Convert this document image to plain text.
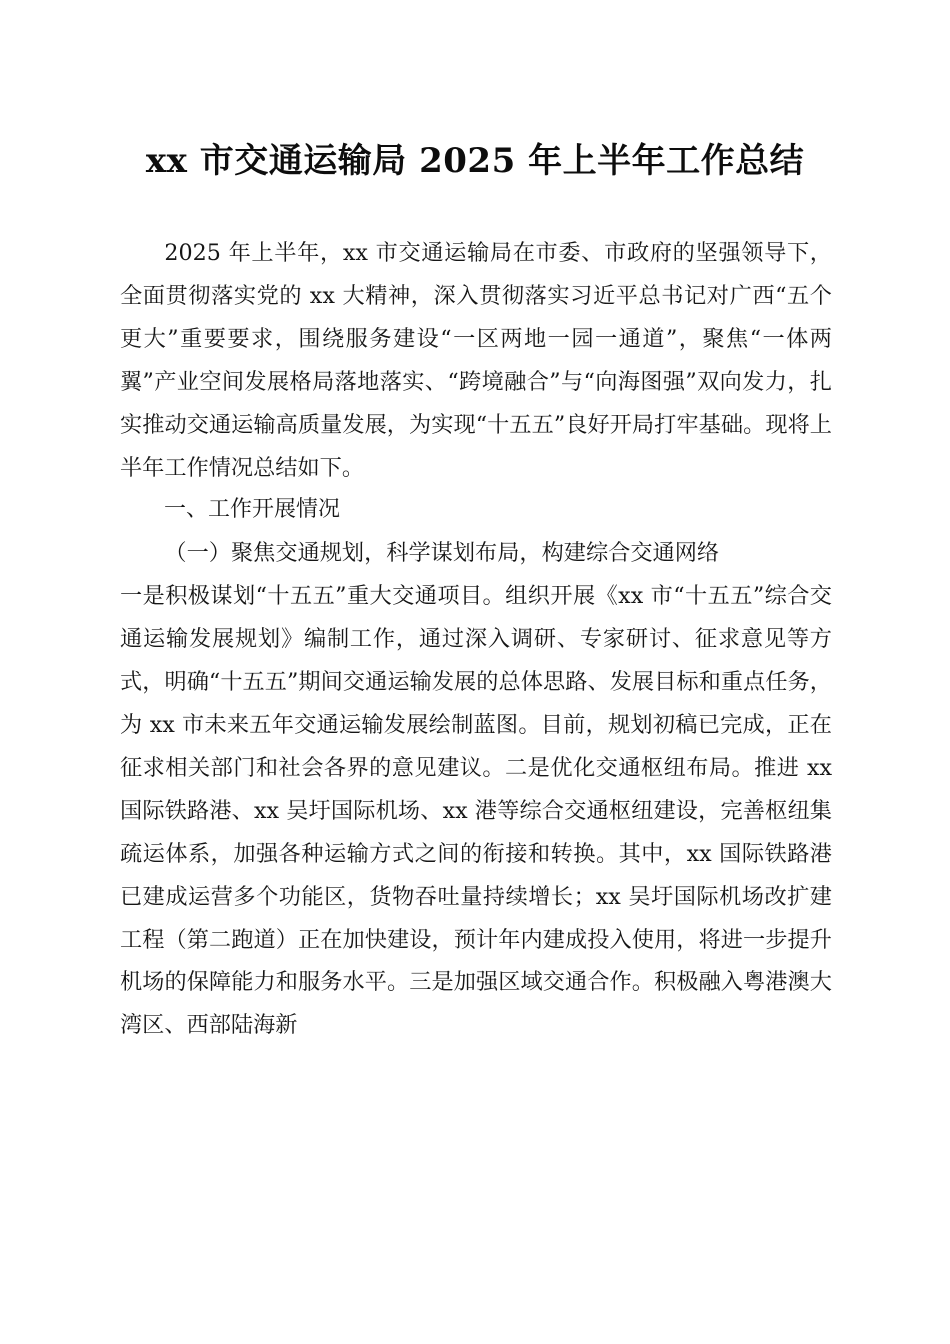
xx 市交通运输局 2025 年上半年工作总结

2025 年上半年，xx 市交通运输局在市委、市政府的坚强领导下，全面贯彻落实党的 xx 大精神，深入贯彻落实习近平总书记对广西“五个更大”重要要求，围绕服务建设“一区两地一园一通道”，聚焦“一体两翼”产业空间发展格局落地落实、“跨境融合”与“向海图强”双向发力，扎实推动交通运输高质量发展，为实现“十五五”良好开局打牢基础。现将上半年工作情况总结如下。

一、工作开展情况

（一）聚焦交通规划，科学谋划布局，构建综合交通网络

一是积极谋划“十五五”重大交通项目。组织开展《xx 市“十五五”综合交通运输发展规划》编制工作，通过深入调研、专家研讨、征求意见等方式，明确“十五五”期间交通运输发展的总体思路、发展目标和重点任务，为 xx 市未来五年交通运输发展绘制蓝图。目前，规划初稿已完成，正在征求相关部门和社会各界的意见建议。二是优化交通枢纽布局。推进 xx 国际铁路港、xx 吴圩国际机场、xx 港等综合交通枢纽建设，完善枢纽集疏运体系，加强各种运输方式之间的衔接和转换。其中，xx 国际铁路港已建成运营多个功能区，货物吞吐量持续增长；xx 吴圩国际机场改扩建工程（第二跑道）正在加快建设，预计年内建成投入使用，将进一步提升机场的保障能力和服务水平。三是加强区域交通合作。积极融入粤港澳大湾区、西部陆海新
